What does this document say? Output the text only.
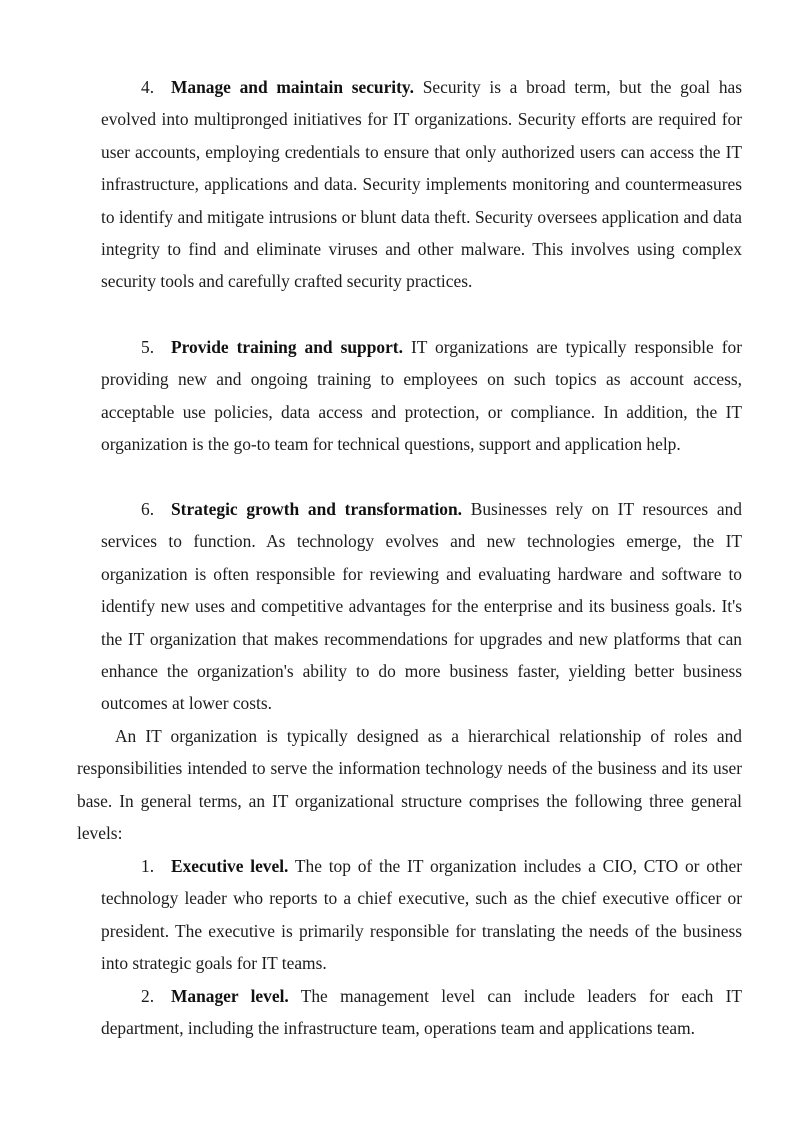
4. Manage and maintain security. Security is a broad term, but the goal has evolved into multipronged initiatives for IT organizations. Security efforts are required for user accounts, employing credentials to ensure that only authorized users can access the IT infrastructure, applications and data. Security implements monitoring and countermeasures to identify and mitigate intrusions or blunt data theft. Security oversees application and data integrity to find and eliminate viruses and other malware. This involves using complex security tools and carefully crafted security practices.

5. Provide training and support. IT organizations are typically responsible for providing new and ongoing training to employees on such topics as account access, acceptable use policies, data access and protection, or compliance. In addition, the IT organization is the go-to team for technical questions, support and application help.

6. Strategic growth and transformation. Businesses rely on IT resources and services to function. As technology evolves and new technologies emerge, the IT organization is often responsible for reviewing and evaluating hardware and software to identify new uses and competitive advantages for the enterprise and its business goals. It's the IT organization that makes recommendations for upgrades and new platforms that can enhance the organization's ability to do more business faster, yielding better business outcomes at lower costs.

An IT organization is typically designed as a hierarchical relationship of roles and responsibilities intended to serve the information technology needs of the business and its user base. In general terms, an IT organizational structure comprises the following three general levels:

1. Executive level. The top of the IT organization includes a CIO, CTO or other technology leader who reports to a chief executive, such as the chief executive officer or president. The executive is primarily responsible for translating the needs of the business into strategic goals for IT teams.

2. Manager level. The management level can include leaders for each IT department, including the infrastructure team, operations team and applications team.
